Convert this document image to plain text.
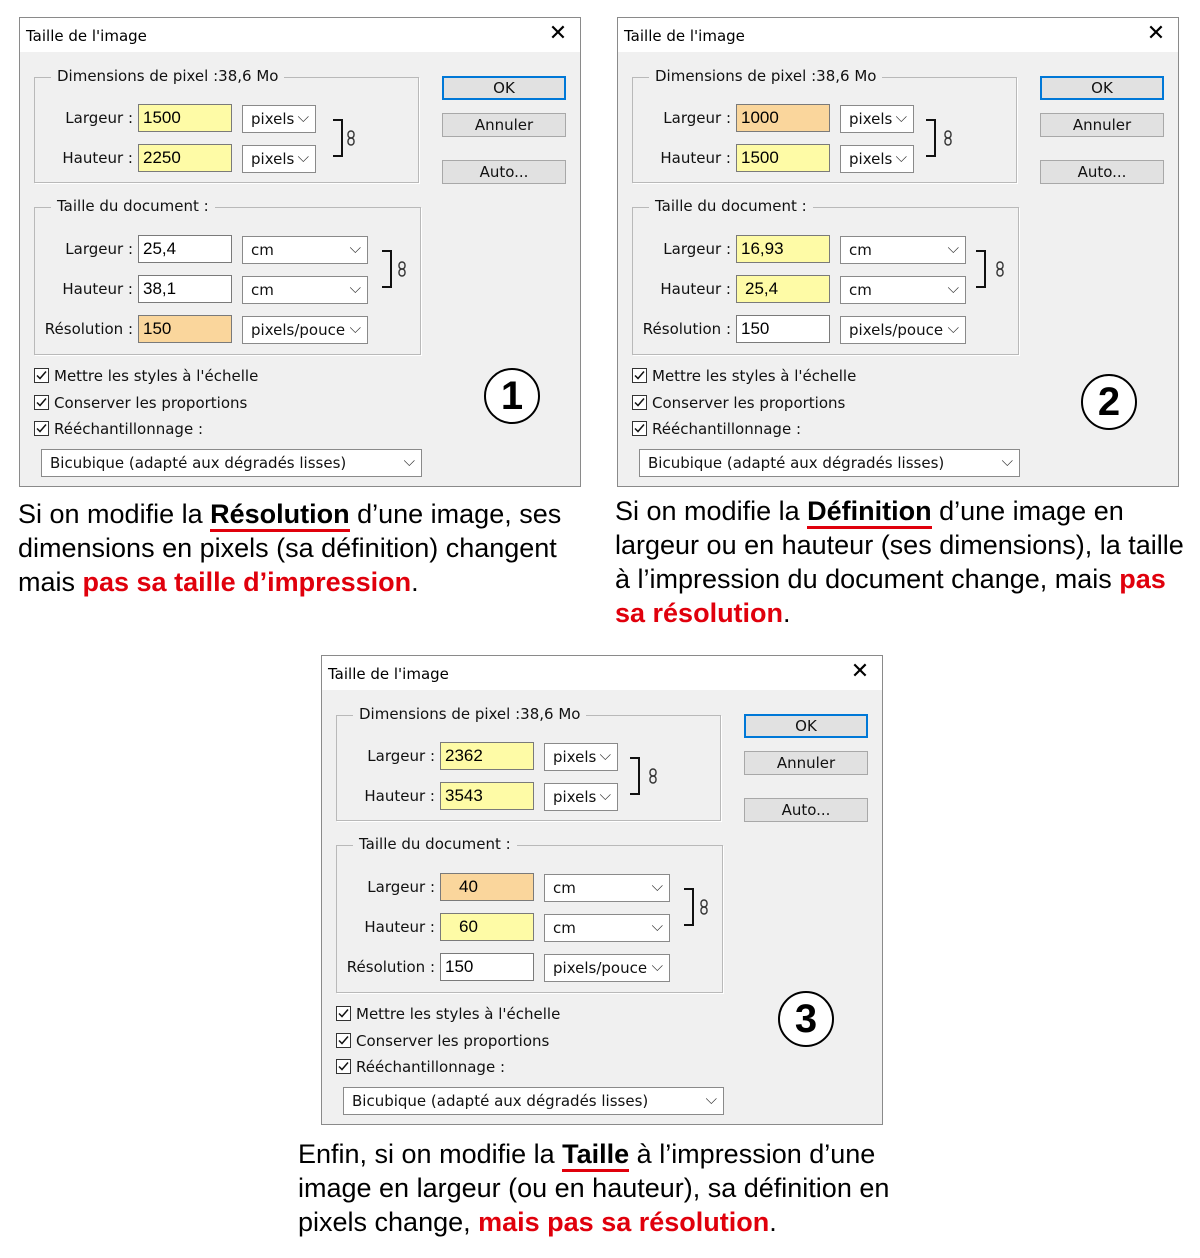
Taille de l'image	✕
Dimensions de pixel :38,6 Mo
Largeur : 1500	pixels ⌵
Hauteur : 2250	pixels ⌵
Taille du document :
Largeur : 25,4	cm	⌵
Hauteur : 38,1	cm	⌵
Résolution : 150	pixels/pouce ⌵
Mettre les styles à l'échelle
Conserver les proportions
Rééchantillonnage :
Bicubique (adapté aux dégradés lisses)	⌵
OK
Annuler
Auto...
1
Si on modifie la Résolution d’une image, ses dimensions en pixels (sa définition) changent mais pas sa taille d’impression.
Taille de l'image	✕
Dimensions de pixel :38,6 Mo
Largeur : 1000	pixels ⌵
Hauteur : 1500	pixels ⌵
Taille du document :
Largeur : 16,93	cm	⌵
Hauteur : 25,4	cm	⌵
Résolution : 150	pixels/pouce ⌵
Mettre les styles à l'échelle
Conserver les proportions
Rééchantillonnage :
Bicubique (adapté aux dégradés lisses)	⌵
OK
Annuler
Auto...
2
Si on modifie la Définition d’une image en largeur ou en hauteur (ses dimensions), la taille à l’impression du document change, mais pas sa résolution.
Taille de l'image	✕
Dimensions de pixel :38,6 Mo
Largeur : 2362	pixels ⌵
Hauteur : 3543	pixels ⌵
Taille du document :
Largeur :	40	cm	⌵
Hauteur :	60	cm	⌵
Résolution : 150	pixels/pouce ⌵
Mettre les styles à l'échelle
Conserver les proportions
Rééchantillonnage :
Bicubique (adapté aux dégradés lisses)	⌵
OK
Annuler
Auto...
3
Enfin, si on modifie la Taille à l’impression d’une image en largeur (ou en hauteur), sa définition en pixels change, mais pas sa résolution.
